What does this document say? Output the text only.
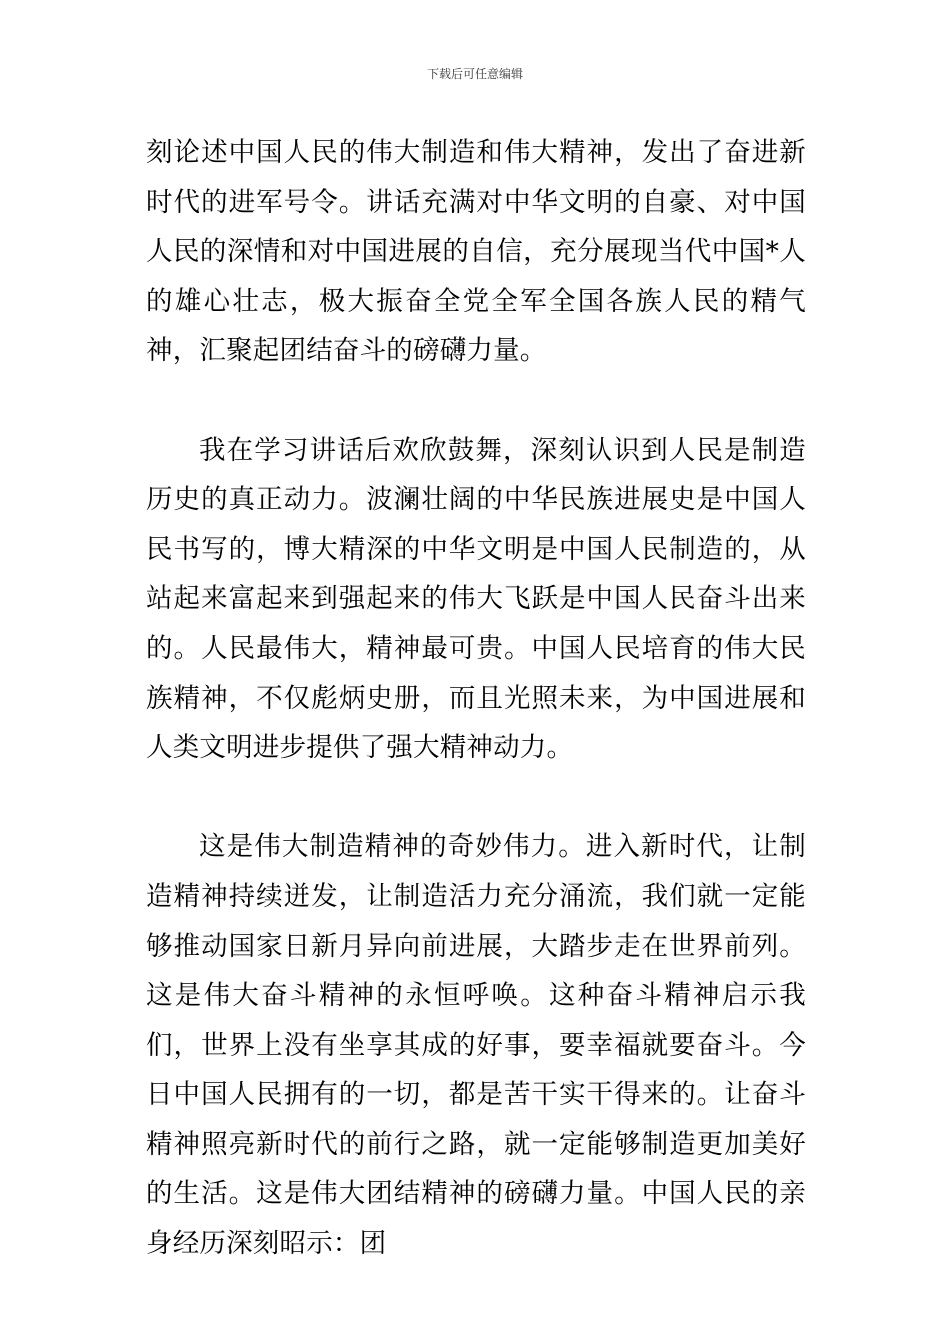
下载后可任意编辑

刻论述中国人民的伟大制造和伟大精神，发出了奋进新时代的进军号令。讲话充满对中华文明的自豪、对中国人民的深情和对中国进展的自信，充分展现当代中国*人的雄心壮志，极大振奋全党全军全国各族人民的精气神，汇聚起团结奋斗的磅礴力量。

我在学习讲话后欢欣鼓舞，深刻认识到人民是制造历史的真正动力。波澜壮阔的中华民族进展史是中国人民书写的，博大精深的中华文明是中国人民制造的，从站起来富起来到强起来的伟大飞跃是中国人民奋斗出来的。人民最伟大，精神最可贵。中国人民培育的伟大民族精神，不仅彪炳史册，而且光照未来，为中国进展和人类文明进步提供了强大精神动力。

这是伟大制造精神的奇妙伟力。进入新时代，让制造精神持续迸发，让制造活力充分涌流，我们就一定能够推动国家日新月异向前进展，大踏步走在世界前列。这是伟大奋斗精神的永恒呼唤。这种奋斗精神启示我们，世界上没有坐享其成的好事，要幸福就要奋斗。今日中国人民拥有的一切，都是苦干实干得来的。让奋斗精神照亮新时代的前行之路，就一定能够制造更加美好的生活。这是伟大团结精神的磅礴力量。中国人民的亲身经历深刻昭示：团
